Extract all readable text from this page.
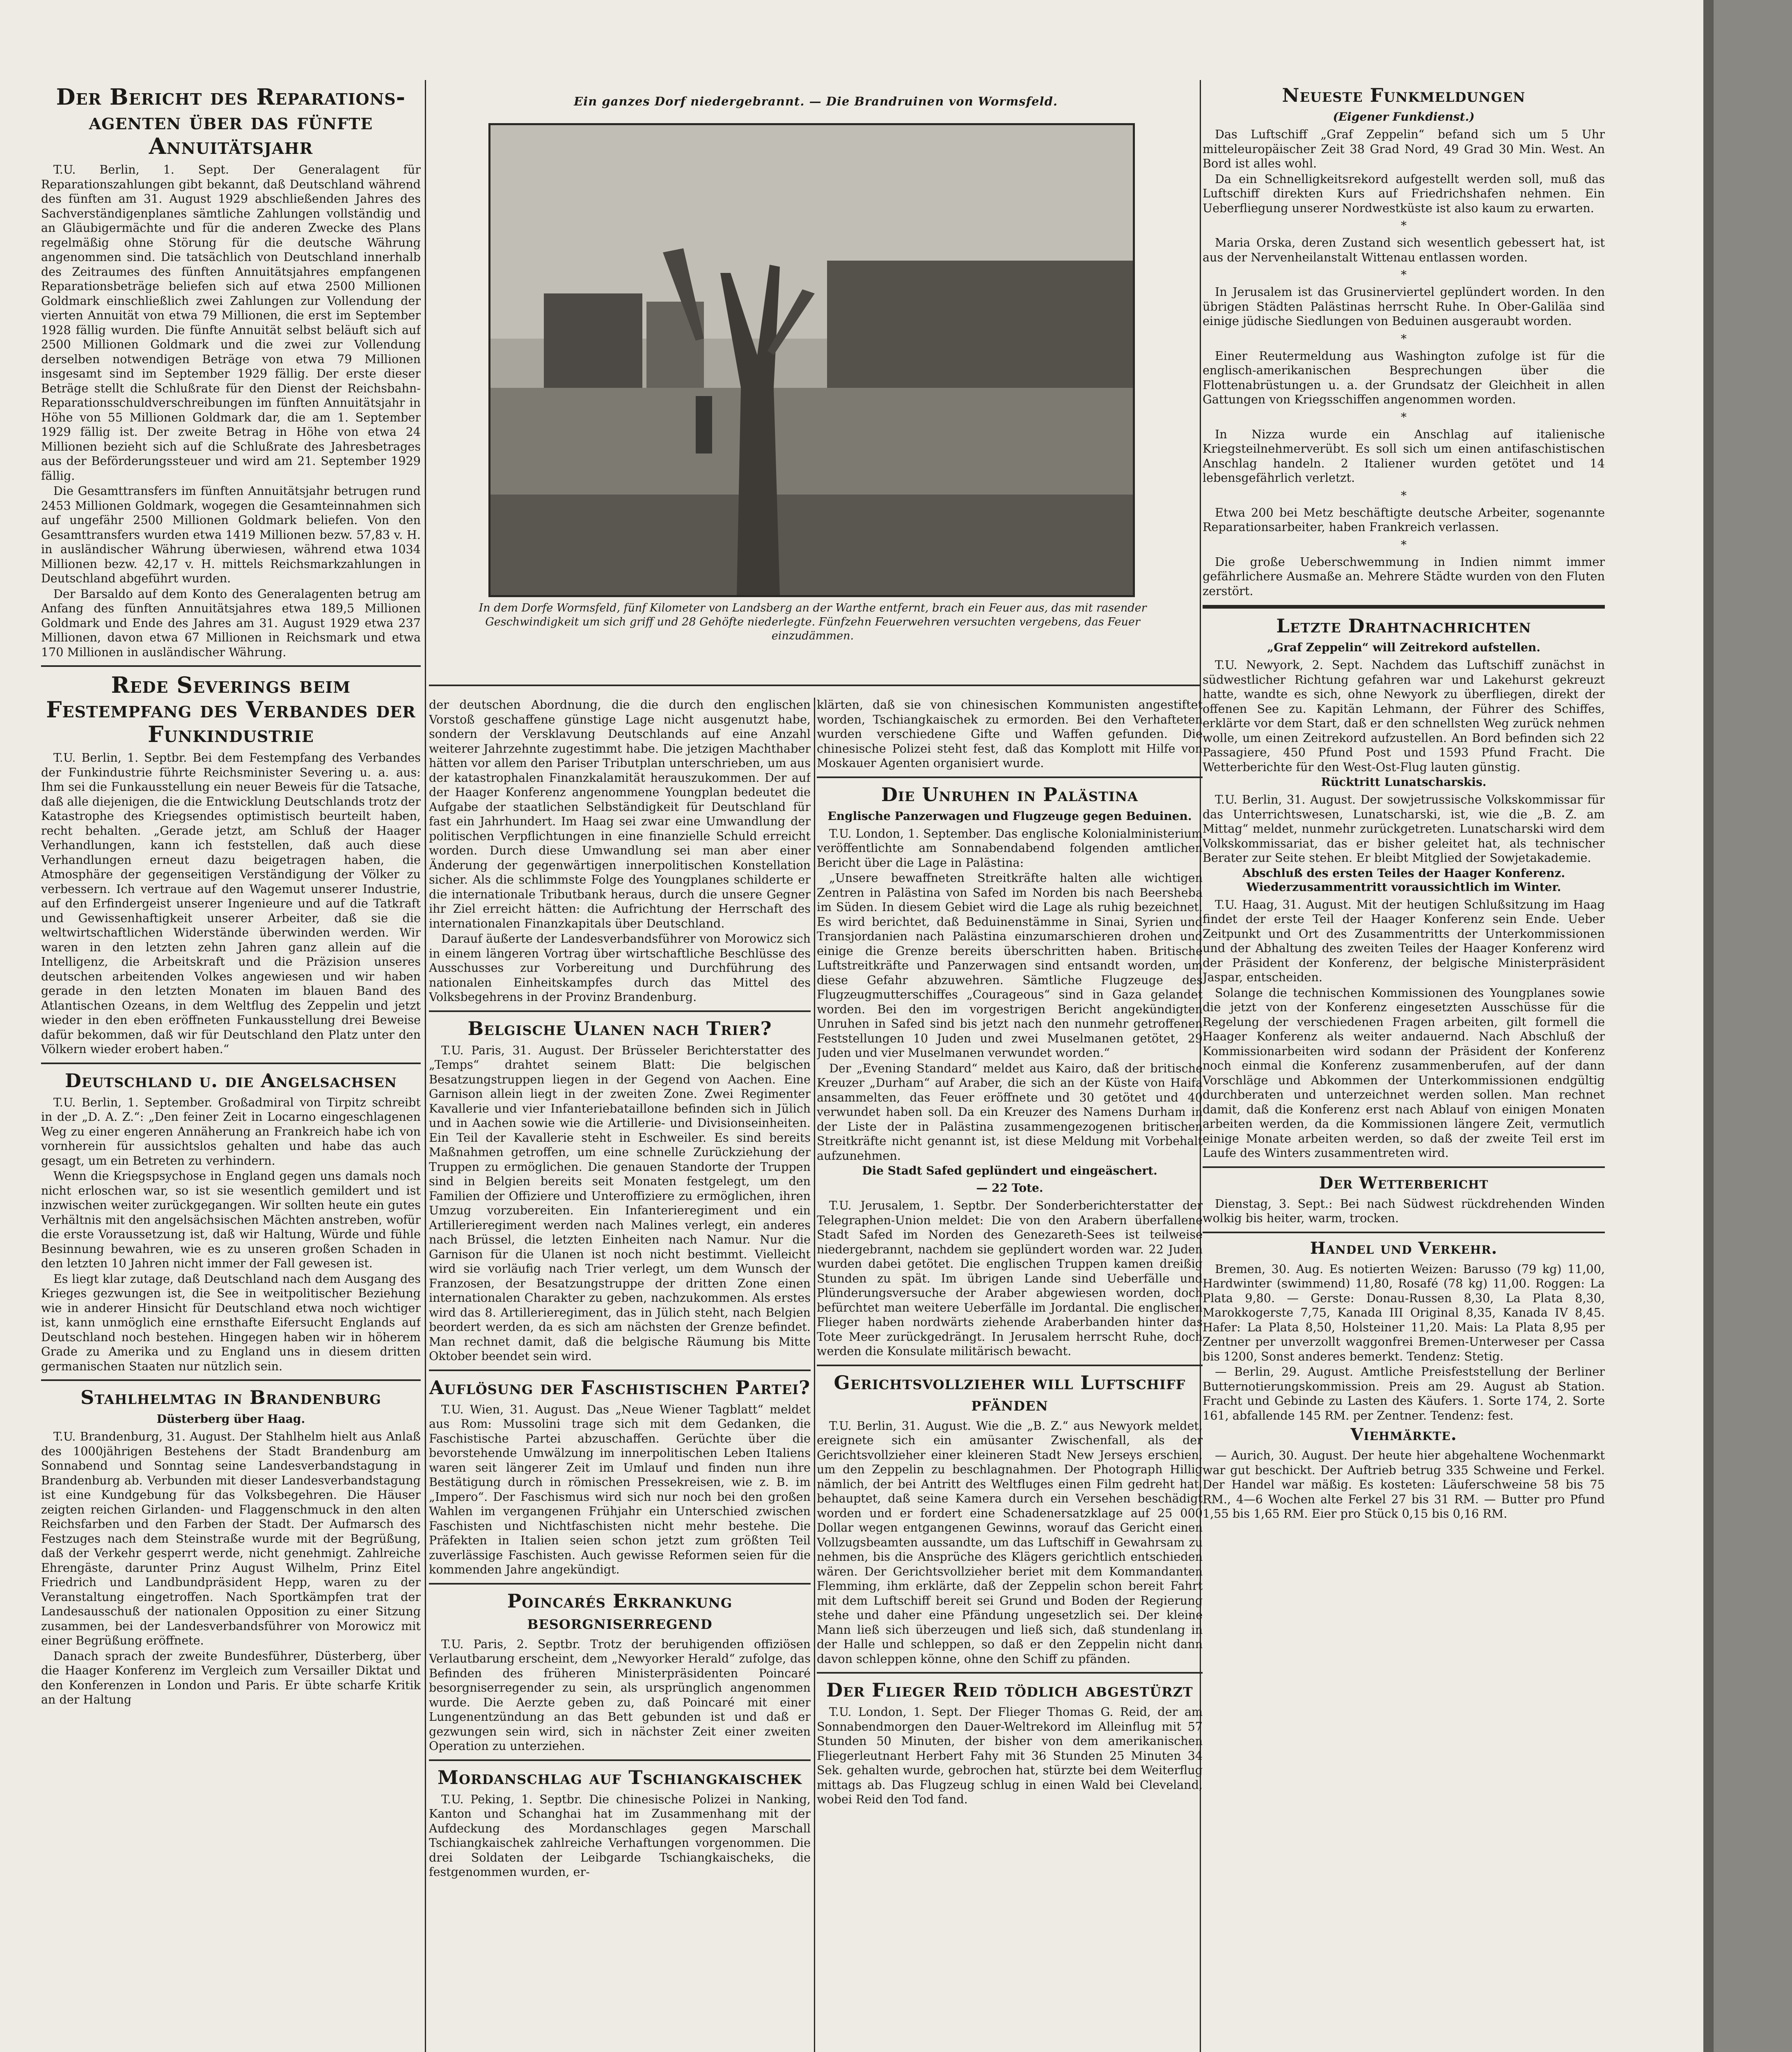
Ein ganzes Dorf niedergebrannt. — Die Brandruinen von Wormsfeld.
In dem Dorfe Wormsfeld, fünf Kilometer von Landsberg an der Warthe entfernt, brach ein Feuer aus, das mit rasender Geschwindigkeit um sich griff und 28 Gehöfte niederlegte. Fünfzehn Feuerwehren versuchten vergebens, das Feuer einzudämmen.
Der Bericht des Reparations-agenten über das fünfte Annuitätsjahr

T.U. Berlin, 1. Sept. Der Generalagent für Reparationszahlungen gibt bekannt, daß Deutschland während des fünften am 31. August 1929 abschließenden Jahres des Sachverständigenplanes sämtliche Zahlungen vollständig und an Gläubigermächte und für die anderen Zwecke des Plans regelmäßig ohne Störung für die deutsche Währung angenommen sind. Die tatsächlich von Deutschland innerhalb des Zeitraumes des fünften Annuitätsjahres empfangenen Reparationsbeträge beliefen sich auf etwa 2500 Millionen Goldmark einschließlich zwei Zahlungen zur Vollendung der vierten Annuität von etwa 79 Millionen, die erst im September 1928 fällig wurden. Die fünfte Annuität selbst beläuft sich auf 2500 Millionen Goldmark und die zwei zur Vollendung derselben notwendigen Beträge von etwa 79 Millionen insgesamt sind im September 1929 fällig. Der erste dieser Beträge stellt die Schlußrate für den Dienst der Reichsbahn-Reparationsschuldverschreibungen im fünften Annuitätsjahr in Höhe von 55 Millionen Goldmark dar, die am 1. September 1929 fällig ist. Der zweite Betrag in Höhe von etwa 24 Millionen bezieht sich auf die Schlußrate des Jahresbetrages aus der Beförderungssteuer und wird am 21. September 1929 fällig.

Die Gesamttransfers im fünften Annuitätsjahr betrugen rund 2453 Millionen Goldmark, wogegen die Gesamteinnahmen sich auf ungefähr 2500 Millionen Goldmark beliefen. Von den Gesamttransfers wurden etwa 1419 Millionen bezw. 57,83 v. H. in ausländischer Währung überwiesen, während etwa 1034 Millionen bezw. 42,17 v. H. mittels Reichsmarkzahlungen in Deutschland abgeführt wurden.

Der Barsaldo auf dem Konto des Generalagenten betrug am Anfang des fünften Annuitätsjahres etwa 189,5 Millionen Goldmark und Ende des Jahres am 31. August 1929 etwa 237 Millionen, davon etwa 67 Millionen in Reichsmark und etwa 170 Millionen in ausländischer Währung.

Rede Severings beim Festempfang des Verbandes der Funkindustrie

T.U. Berlin, 1. Septbr. Bei dem Festempfang des Verbandes der Funkindustrie führte Reichsminister Severing u. a. aus: Ihm sei die Funkausstellung ein neuer Beweis für die Tatsache, daß alle diejenigen, die die Entwicklung Deutschlands trotz der Katastrophe des Kriegsendes optimistisch beurteilt haben, recht behalten. „Gerade jetzt, am Schluß der Haager Verhandlungen, kann ich feststellen, daß auch diese Verhandlungen erneut dazu beigetragen haben, die Atmosphäre der gegenseitigen Verständigung der Völker zu verbessern. Ich vertraue auf den Wagemut unserer Industrie, auf den Erfindergeist unserer Ingenieure und auf die Tatkraft und Gewissenhaftigkeit unserer Arbeiter, daß sie die weltwirtschaftlichen Widerstände überwinden werden. Wir waren in den letzten zehn Jahren ganz allein auf die Intelligenz, die Arbeitskraft und die Präzision unseres deutschen arbeitenden Volkes angewiesen und wir haben gerade in den letzten Monaten im blauen Band des Atlantischen Ozeans, in dem Weltflug des Zeppelin und jetzt wieder in den eben eröffneten Funkausstellung drei Beweise dafür bekommen, daß wir für Deutschland den Platz unter den Völkern wieder erobert haben.“

Deutschland u. die Angelsachsen

T.U. Berlin, 1. September. Großadmiral von Tirpitz schreibt in der „D. A. Z.“: „Den feiner Zeit in Locarno eingeschlagenen Weg zu einer engeren Annäherung an Frankreich habe ich von vornherein für aussichtslos gehalten und habe das auch gesagt, um ein Betreten zu verhindern.

Wenn die Kriegspsychose in England gegen uns damals noch nicht erloschen war, so ist sie wesentlich gemildert und ist inzwischen weiter zurückgegangen. Wir sollten heute ein gutes Verhältnis mit den angelsächsischen Mächten anstreben, wofür die erste Voraussetzung ist, daß wir Haltung, Würde und fühle Besinnung bewahren, wie es zu unseren großen Schaden in den letzten 10 Jahren nicht immer der Fall gewesen ist.

Es liegt klar zutage, daß Deutschland nach dem Ausgang des Krieges gezwungen ist, die See in weitpolitischer Beziehung wie in anderer Hinsicht für Deutschland etwa noch wichtiger ist, kann unmöglich eine ernsthafte Eifersucht Englands auf Deutschland noch bestehen. Hingegen haben wir in höherem Grade zu Amerika und zu England uns in diesem dritten germanischen Staaten nur nützlich sein.

Stahlhelmtag in Brandenburg
Düsterberg über Haag.

T.U. Brandenburg, 31. August. Der Stahlhelm hielt aus Anlaß des 1000jährigen Bestehens der Stadt Brandenburg am Sonnabend und Sonntag seine Landesverbandstagung in Brandenburg ab. Verbunden mit dieser Landesverbandstagung ist eine Kundgebung für das Volksbegehren. Die Häuser zeigten reichen Girlanden- und Flaggenschmuck in den alten Reichsfarben und den Farben der Stadt. Der Aufmarsch des Festzuges nach dem Steinstraße wurde mit der Begrüßung, daß der Verkehr gesperrt werde, nicht genehmigt. Zahlreiche Ehrengäste, darunter Prinz August Wilhelm, Prinz Eitel Friedrich und Landbundpräsident Hepp, waren zu der Veranstaltung eingetroffen. Nach Sportkämpfen trat der Landesausschuß der nationalen Opposition zu einer Sitzung zusammen, bei der Landesverbandsführer von Morowicz mit einer Begrüßung eröffnete.

Danach sprach der zweite Bundesführer, Düsterberg, über die Haager Konferenz im Vergleich zum Versailler Diktat und den Konferenzen in London und Paris. Er übte scharfe Kritik an der Haltung

der deutschen Abordnung, die die durch den englischen Vorstoß geschaffene günstige Lage nicht ausgenutzt habe, sondern der Versklavung Deutschlands auf eine Anzahl weiterer Jahrzehnte zugestimmt habe. Die jetzigen Machthaber hätten vor allem den Pariser Tributplan unterschrieben, um aus der katastrophalen Finanzkalamität herauszukommen. Der auf der Haager Konferenz angenommene Youngplan bedeutet die Aufgabe der staatlichen Selbständigkeit für Deutschland für fast ein Jahrhundert. Im Haag sei zwar eine Umwandlung der politischen Verpflichtungen in eine finanzielle Schuld erreicht worden. Durch diese Umwandlung sei man aber einer Änderung der gegenwärtigen innerpolitischen Konstellation sicher. Als die schlimmste Folge des Youngplanes schilderte er die internationale Tributbank heraus, durch die unsere Gegner ihr Ziel erreicht hätten: die Aufrichtung der Herrschaft des internationalen Finanzkapitals über Deutschland.

Darauf äußerte der Landesverbandsführer von Morowicz sich in einem längeren Vortrag über wirtschaftliche Beschlüsse des Ausschusses zur Vorbereitung und Durchführung des nationalen Einheitskampfes durch das Mittel des Volksbegehrens in der Provinz Brandenburg.

Belgische Ulanen nach Trier?

T.U. Paris, 31. August. Der Brüsseler Berichterstatter des „Temps“ drahtet seinem Blatt: Die belgischen Besatzungstruppen liegen in der Gegend von Aachen. Eine Garnison allein liegt in der zweiten Zone. Zwei Regimenter Kavallerie und vier Infanteriebataillone befinden sich in Jülich und in Aachen sowie wie die Artillerie- und Divisionseinheiten. Ein Teil der Kavallerie steht in Eschweiler. Es sind bereits Maßnahmen getroffen, um eine schnelle Zurückziehung der Truppen zu ermöglichen. Die genauen Standorte der Truppen sind in Belgien bereits seit Monaten festgelegt, um den Familien der Offiziere und Unteroffiziere zu ermöglichen, ihren Umzug vorzubereiten. Ein Infanterieregiment und ein Artillerieregiment werden nach Malines verlegt, ein anderes nach Brüssel, die letzten Einheiten nach Namur. Nur die Garnison für die Ulanen ist noch nicht bestimmt. Vielleicht wird sie vorläufig nach Trier verlegt, um dem Wunsch der Franzosen, der Besatzungstruppe der dritten Zone einen internationalen Charakter zu geben, nachzukommen. Als erstes wird das 8. Artillerieregiment, das in Jülich steht, nach Belgien beordert werden, da es sich am nächsten der Grenze befindet. Man rechnet damit, daß die belgische Räumung bis Mitte Oktober beendet sein wird.

Auflösung der Faschistischen Partei?

T.U. Wien, 31. August. Das „Neue Wiener Tagblatt“ meldet aus Rom: Mussolini trage sich mit dem Gedanken, die Faschistische Partei abzuschaffen. Gerüchte über die bevorstehende Umwälzung im innerpolitischen Leben Italiens waren seit längerer Zeit im Umlauf und finden nun ihre Bestätigung durch in römischen Pressekreisen, wie z. B. im „Impero“. Der Faschismus wird sich nur noch bei den großen Wahlen im vergangenen Frühjahr ein Unterschied zwischen Faschisten und Nichtfaschisten nicht mehr bestehe. Die Präfekten in Italien seien schon jetzt zum größten Teil zuverlässige Faschisten. Auch gewisse Reformen seien für die kommenden Jahre angekündigt.

Poincarés Erkrankung besorgniserregend

T.U. Paris, 2. Septbr. Trotz der beruhigenden offiziösen Verlautbarung erscheint, dem „Newyorker Herald“ zufolge, das Befinden des früheren Ministerpräsidenten Poincaré besorgniserregender zu sein, als ursprünglich angenommen wurde. Die Aerzte geben zu, daß Poincaré mit einer Lungenentzündung an das Bett gebunden ist und daß er gezwungen sein wird, sich in nächster Zeit einer zweiten Operation zu unterziehen.

Mordanschlag auf Tschiangkaischek

T.U. Peking, 1. Septbr. Die chinesische Polizei in Nanking, Kanton und Schanghai hat im Zusammenhang mit der Aufdeckung des Mordanschlages gegen Marschall Tschiangkaischek zahlreiche Verhaftungen vorgenommen. Die drei Soldaten der Leibgarde Tschiangkaischeks, die festgenommen wurden, er-

klärten, daß sie von chinesischen Kommunisten angestiftet worden, Tschiangkaischek zu ermorden. Bei den Verhafteten wurden verschiedene Gifte und Waffen gefunden. Die chinesische Polizei steht fest, daß das Komplott mit Hilfe von Moskauer Agenten organisiert wurde.

Die Unruhen in Palästina
Englische Panzerwagen und Flugzeuge gegen Beduinen.

T.U. London, 1. September. Das englische Kolonialministerium veröffentlichte am Sonnabendabend folgenden amtlichen Bericht über die Lage in Palästina:

„Unsere bewaffneten Streitkräfte halten alle wichtigen Zentren in Palästina von Safed im Norden bis nach Beersheba im Süden. In diesem Gebiet wird die Lage als ruhig bezeichnet. Es wird berichtet, daß Beduinenstämme in Sinai, Syrien und Transjordanien nach Palästina einzumarschieren drohen und einige die Grenze bereits überschritten haben. Britische Luftstreitkräfte und Panzerwagen sind entsandt worden, um diese Gefahr abzuwehren. Sämtliche Flugzeuge des Flugzeugmutterschiffes „Courageous“ sind in Gaza gelandet worden. Bei den im vorgestrigen Bericht angekündigten Unruhen in Safed sind bis jetzt nach den nunmehr getroffenen Feststellungen 10 Juden und zwei Muselmanen getötet, 29 Juden und vier Muselmanen verwundet worden.“

Der „Evening Standard“ meldet aus Kairo, daß der britische Kreuzer „Durham“ auf Araber, die sich an der Küste von Haifa ansammelten, das Feuer eröffnete und 30 getötet und 40 verwundet haben soll. Da ein Kreuzer des Namens Durham in der Liste der in Palästina zusammengezogenen britischen Streitkräfte nicht genannt ist, ist diese Meldung mit Vorbehalt aufzunehmen.

Die Stadt Safed geplündert und eingeäschert.
— 22 Tote.

T.U. Jerusalem, 1. Septbr. Der Sonderberichterstatter der Telegraphen-Union meldet: Die von den Arabern überfallene Stadt Safed im Norden des Genezareth-Sees ist teilweise niedergebrannt, nachdem sie geplündert worden war. 22 Juden wurden dabei getötet. Die englischen Truppen kamen dreißig Stunden zu spät. Im übrigen Lande sind Ueberfälle und Plünderungsversuche der Araber abgewiesen worden, doch befürchtet man weitere Ueberfälle im Jordantal. Die englischen Flieger haben nordwärts ziehende Araberbanden hinter das Tote Meer zurückgedrängt. In Jerusalem herrscht Ruhe, doch werden die Konsulate militärisch bewacht.

Gerichtsvollzieher will Luftschiff pfänden

T.U. Berlin, 31. August. Wie die „B. Z.“ aus Newyork meldet, ereignete sich ein amüsanter Zwischenfall, als der Gerichtsvollzieher einer kleineren Stadt New Jerseys erschien, um den Zeppelin zu beschlagnahmen. Der Photograph Hillig nämlich, der bei Antritt des Weltfluges einen Film gedreht hat, behauptet, daß seine Kamera durch ein Versehen beschädigt worden und er fordert eine Schadenersatzklage auf 25 000 Dollar wegen entgangenen Gewinns, worauf das Gericht einen Vollzugsbeamten aussandte, um das Luftschiff in Gewahrsam zu nehmen, bis die Ansprüche des Klägers gerichtlich entschieden wären. Der Gerichtsvollzieher beriet mit dem Kommandanten Flemming, ihm erklärte, daß der Zeppelin schon bereit Fahrt mit dem Luftschiff bereit sei Grund und Boden der Regierung stehe und daher eine Pfändung ungesetzlich sei. Der kleine Mann ließ sich überzeugen und ließ sich, daß stundenlang in der Halle und schleppen, so daß er den Zeppelin nicht dann davon schleppen könne, ohne den Schiff zu pfänden.

Der Flieger Reid tödlich abgestürzt

T.U. London, 1. Sept. Der Flieger Thomas G. Reid, der am Sonnabendmorgen den Dauer-Weltrekord im Alleinflug mit 57 Stunden 50 Minuten, der bisher von dem amerikanischen Fliegerleutnant Herbert Fahy mit 36 Stunden 25 Minuten 34 Sek. gehalten wurde, gebrochen hat, stürzte bei dem Weiterflug mittags ab. Das Flugzeug schlug in einen Wald bei Cleveland, wobei Reid den Tod fand.

Neueste Funkmeldungen
(Eigener Funkdienst.)

Das Luftschiff „Graf Zeppelin“ befand sich um 5 Uhr mitteleuropäischer Zeit 38 Grad Nord, 49 Grad 30 Min. West. An Bord ist alles wohl.

Da ein Schnelligkeitsrekord aufgestellt werden soll, muß das Luftschiff direkten Kurs auf Friedrichshafen nehmen. Ein Ueberfliegung unserer Nordwestküste ist also kaum zu erwarten.

*

Maria Orska, deren Zustand sich wesentlich gebessert hat, ist aus der Nervenheilanstalt Wittenau entlassen worden.

*

In Jerusalem ist das Grusinerviertel geplündert worden. In den übrigen Städten Palästinas herrscht Ruhe. In Ober-Galiläa sind einige jüdische Siedlungen von Beduinen ausgeraubt worden.

*

Einer Reutermeldung aus Washington zufolge ist für die englisch-amerikanischen Besprechungen über die Flottenabrüstungen u. a. der Grundsatz der Gleichheit in allen Gattungen von Kriegsschiffen angenommen worden.

*

In Nizza wurde ein Anschlag auf italienische Kriegsteilnehmerverübt. Es soll sich um einen antifaschistischen Anschlag handeln. 2 Italiener wurden getötet und 14 lebensgefährlich verletzt.

*

Etwa 200 bei Metz beschäftigte deutsche Arbeiter, sogenannte Reparationsarbeiter, haben Frankreich verlassen.

*

Die große Ueberschwemmung in Indien nimmt immer gefährlichere Ausmaße an. Mehrere Städte wurden von den Fluten zerstört.

Letzte Drahtnachrichten
„Graf Zeppelin“ will Zeitrekord aufstellen.

T.U. Newyork, 2. Sept. Nachdem das Luftschiff zunächst in südwestlicher Richtung gefahren war und Lakehurst gekreuzt hatte, wandte es sich, ohne Newyork zu überfliegen, direkt der offenen See zu. Kapitän Lehmann, der Führer des Schiffes, erklärte vor dem Start, daß er den schnellsten Weg zurück nehmen wolle, um einen Zeitrekord aufzustellen. An Bord befinden sich 22 Passagiere, 450 Pfund Post und 1593 Pfund Fracht. Die Wetterberichte für den West-Ost-Flug lauten günstig.

Rücktritt Lunatscharskis.

T.U. Berlin, 31. August. Der sowjetrussische Volkskommissar für das Unterrichtswesen, Lunatscharski, ist, wie die „B. Z. am Mittag“ meldet, nunmehr zurückgetreten. Lunatscharski wird dem Volkskommissariat, das er bisher geleitet hat, als technischer Berater zur Seite stehen. Er bleibt Mitglied der Sowjetakademie.

Abschluß des ersten Teiles der Haager Konferenz. Wiederzusammentritt voraussichtlich im Winter.

T.U. Haag, 31. August. Mit der heutigen Schlußsitzung im Haag findet der erste Teil der Haager Konferenz sein Ende. Ueber Zeitpunkt und Ort des Zusammentritts der Unterkommissionen und der Abhaltung des zweiten Teiles der Haager Konferenz wird der Präsident der Konferenz, der belgische Ministerpräsident Jaspar, entscheiden.

Solange die technischen Kommissionen des Youngplanes sowie die jetzt von der Konferenz eingesetzten Ausschüsse für die Regelung der verschiedenen Fragen arbeiten, gilt formell die Haager Konferenz als weiter andauernd. Nach Abschluß der Kommissionarbeiten wird sodann der Präsident der Konferenz noch einmal die Konferenz zusammenberufen, auf der dann Vorschläge und Abkommen der Unterkommissionen endgültig durchberaten und unterzeichnet werden sollen. Man rechnet damit, daß die Konferenz erst nach Ablauf von einigen Monaten arbeiten werden, da die Kommissionen längere Zeit, vermutlich einige Monate arbeiten werden, so daß der zweite Teil erst im Laufe des Winters zusammentreten wird.

Der Wetterbericht

Dienstag, 3. Sept.: Bei nach Südwest rückdrehenden Winden wolkig bis heiter, warm, trocken.

Handel und Verkehr.

Bremen, 30. Aug. Es notierten Weizen: Barusso (79 kg) 11,00, Hardwinter (swimmend) 11,80, Rosafé (78 kg) 11,00. Roggen: La Plata 9,80. — Gerste: Donau-Russen 8,30, La Plata 8,30, Marokkogerste 7,75, Kanada III Original 8,35, Kanada IV 8,45. Hafer: La Plata 8,50, Holsteiner 11,20. Mais: La Plata 8,95 per Zentner per unverzollt waggonfrei Bremen-Unterweser per Cassa bis 1200, Sonst anderes bemerkt. Tendenz: Stetig.

— Berlin, 29. August. Amtliche Preisfeststellung der Berliner Butternotierungskommission. Preis am 29. August ab Station. Fracht und Gebinde zu Lasten des Käufers. 1. Sorte 174, 2. Sorte 161, abfallende 145 RM. per Zentner. Tendenz: fest.

Viehmärkte.

— Aurich, 30. August. Der heute hier abgehaltene Wochenmarkt war gut beschickt. Der Auftrieb betrug 335 Schweine und Ferkel. Der Handel war mäßig. Es kosteten: Läuferschweine 58 bis 75 RM., 4—6 Wochen alte Ferkel 27 bis 31 RM. — Butter pro Pfund 1,55 bis 1,65 RM. Eier pro Stück 0,15 bis 0,16 RM.
